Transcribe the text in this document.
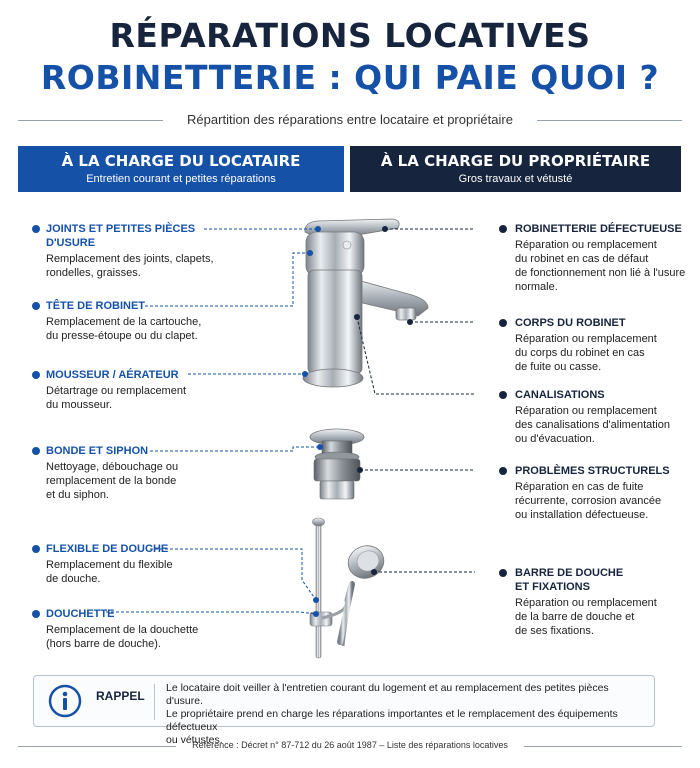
RÉPARATIONS LOCATIVES
ROBINETTERIE : QUI PAIE QUOI ?
Répartition des réparations entre locataire et propriétaire
À LA CHARGE DU LOCATAIRE
Entretien courant et petites réparations
À LA CHARGE DU PROPRIÉTAIRE
Gros travaux et vétusté
JOINTS ET PETITES PIÈCES D'USURE
Remplacement des joints, clapets,
rondelles, graisses.
TÊTE DE ROBINET
Remplacement de la cartouche,
du presse-étoupe ou du clapet.
MOUSSEUR / AÉRATEUR
Détartrage ou remplacement
du mousseur.
BONDE ET SIPHON
Nettoyage, débouchage ou
remplacement de la bonde
et du siphon.
FLEXIBLE DE DOUCHE
Remplacement du flexible
de douche.
DOUCHETTE
Remplacement de la douchette
(hors barre de douche).
ROBINETTERIE DÉFECTUEUSE
Réparation ou remplacement
du robinet en cas de défaut
de fonctionnement non lié à l'usure
normale.
CORPS DU ROBINET
Réparation ou remplacement
du corps du robinet en cas
de fuite ou casse.
CANALISATIONS
Réparation ou remplacement
des canalisations d'alimentation
ou d'évacuation.
PROBLÈMES STRUCTURELS
Réparation en cas de fuite
récurrente, corrosion avancée
ou installation défectueuse.
BARRE DE DOUCHE
ET FIXATIONS
Réparation ou remplacement
de la barre de douche et
de ses fixations.
RAPPEL
Le locataire doit veiller à l'entretien courant du logement et au remplacement des petites pièces d'usure.
Le propriétaire prend en charge les réparations importantes et le remplacement des équipements défectueux
ou vétustes.
Référence : Décret n° 87-712 du 26 août 1987 – Liste des réparations locatives
